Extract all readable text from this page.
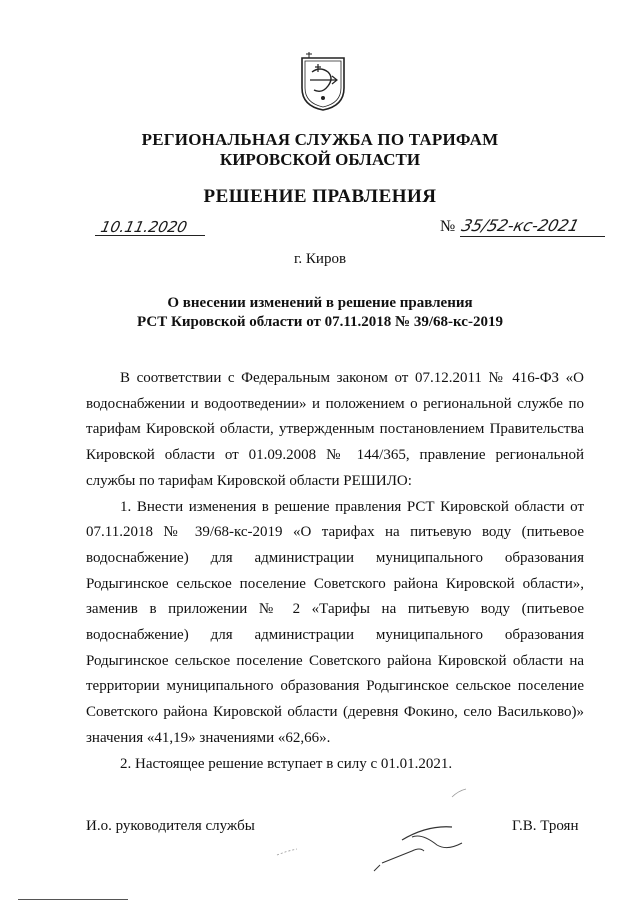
РЕГИОНАЛЬНАЯ СЛУЖБА ПО ТАРИФАМ
КИРОВСКОЙ ОБЛАСТИ
РЕШЕНИЕ ПРАВЛЕНИЯ
10.11.2020	№ 35/52-кс-2021
г. Киров
О внесении изменений в решение правления
РСТ Кировской области от 07.11.2018 № 39/68-кс-2019

В соответствии с Федеральным законом от 07.12.2011 № 416-ФЗ «О водоснабжении и водоотведении» и положением о региональной службе по тарифам Кировской области, утвержденным постановлением Правительства Кировской области от 01.09.2008 № 144/365, правление региональной службы по тарифам Кировской области РЕШИЛО:

1. Внести изменения в решение правления РСТ Кировской области от 07.11.2018 № 39/68-кс-2019 «О тарифах на питьевую воду (питьевое водоснабжение) для администрации муниципального образования Родыгинское сельское поселение Советского района Кировской области», заменив в приложении № 2 «Тарифы на питьевую воду (питьевое водоснабжение) для администрации муниципального образования Родыгинское сельское поселение Советского района Кировской области на территории муниципального образования Родыгинское сельское поселение Советского района Кировской области (деревня Фокино, село Васильково)» значения «41,19» значениями «62,66».

2. Настоящее решение вступает в силу с 01.01.2021.

И.о. руководителя службы	Г.В. Троян
